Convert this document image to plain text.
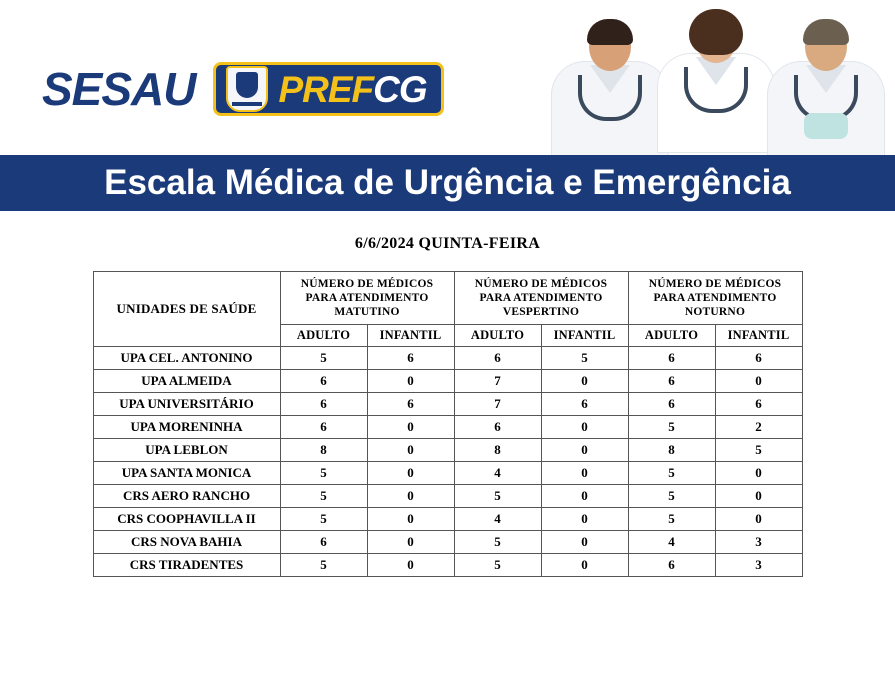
SESAU PREFCG
Escala Médica de Urgência e Emergência
6/6/2024 QUINTA-FEIRA
UNIDADES DE SAÚDE	NÚMERO DE MÉDICOS PARA ATENDIMENTO MATUTINO		NÚMERO DE MÉDICOS PARA ATENDIMENTO VESPERTINO		NÚMERO DE MÉDICOS PARA ATENDIMENTO NOTURNO	
	ADULTO	INFANTIL	ADULTO	INFANTIL	ADULTO	INFANTIL
UPA CEL. ANTONINO	5	6	6	5	6	6
UPA ALMEIDA	6	0	7	0	6	0
UPA UNIVERSITÁRIO	6	6	7	6	6	6
UPA MORENINHA	6	0	6	0	5	2
UPA LEBLON	8	0	8	0	8	5
UPA SANTA MONICA	5	0	4	0	5	0
CRS AERO RANCHO	5	0	5	0	5	0
CRS COOPHAVILLA II	5	0	4	0	5	0
CRS NOVA BAHIA	6	0	5	0	4	3
CRS TIRADENTES	5	0	5	0	6	3
